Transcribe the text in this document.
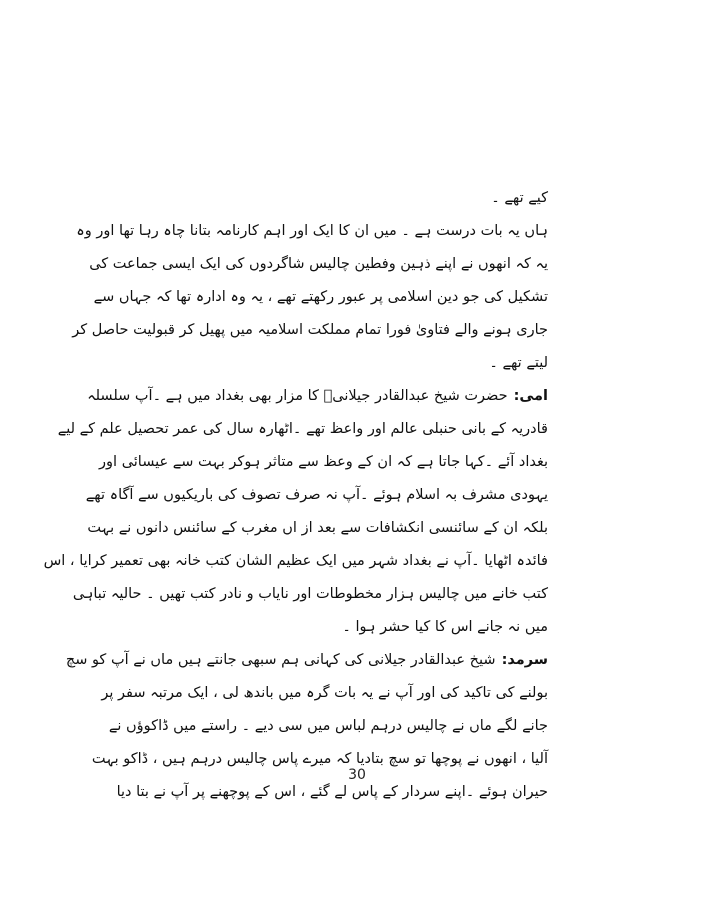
کیے تھے ۔
ہاں یہ بات درست ہے ۔ میں ان کا ایک اور اہم کارنامہ بتانا چاہ رہا تھا اور وہ
یہ کہ انھوں نے اپنے ذہین وفطین چالیس شاگردوں کی ایک ایسی جماعت کی
تشکیل کی جو دین اسلامی پر عبور رکھتے تھے ، یہ وہ ادارہ تھا کہ جہاں سے
جاری ہونے والے فتاویٰ فورا تمام مملکت اسلامیہ میں پھیل کر قبولیت حاصل کر
لیتے تھے ۔
امی:حضرت شیخ عبدالقادر جیلانیؒ کا مزار بھی بغداد میں ہے ۔آپ سلسلہ
قادریہ کے بانی حنبلی عالم اور واعظ تھے ۔اٹھارہ سال کی عمر تحصیل علم کے لیے
بغداد آئے ۔کہا جاتا ہے کہ ان کے وعظ سے متاثر ہوکر بہت سے عیسائی اور
یہودی مشرف بہ اسلام ہوئے ۔آپ نہ صرف تصوف کی باریکیوں سے آگاہ تھے
بلکہ ان کے سائنسی انکشافات سے بعد از اں مغرب کے سائنس دانوں نے بہت
فائدہ اٹھایا ۔آپ نے بغداد شہر میں ایک عظیم الشان کتب خانہ بھی تعمیر کرایا ، اس
کتب خانے میں چالیس ہزار مخطوطات اور نایاب و نادر کتب تھیں ۔ حالیہ تباہی
میں نہ جانے اس کا کیا حشر ہوا ۔
سرمد:شیخ عبدالقادر جیلانی کی کہانی ہم سبھی جانتے ہیں ماں نے آپ کو سچ
بولنے کی تاکید کی اور آپ نے یہ بات گرہ میں باندھ لی ، ایک مرتبہ سفر پر
جانے لگے ماں نے چالیس درہم لباس میں سی دیے ۔ راستے میں ڈاکوؤں نے
آلیا ، انھوں نے پوچھا تو سچ بتادیا کہ میرے پاس چالیس درہم ہیں ، ڈاکو بہت
حیران ہوئے ۔اپنے سردار کے پاس لے گئے ، اس کے پوچھنے پر آپ نے بتا دیا
30
